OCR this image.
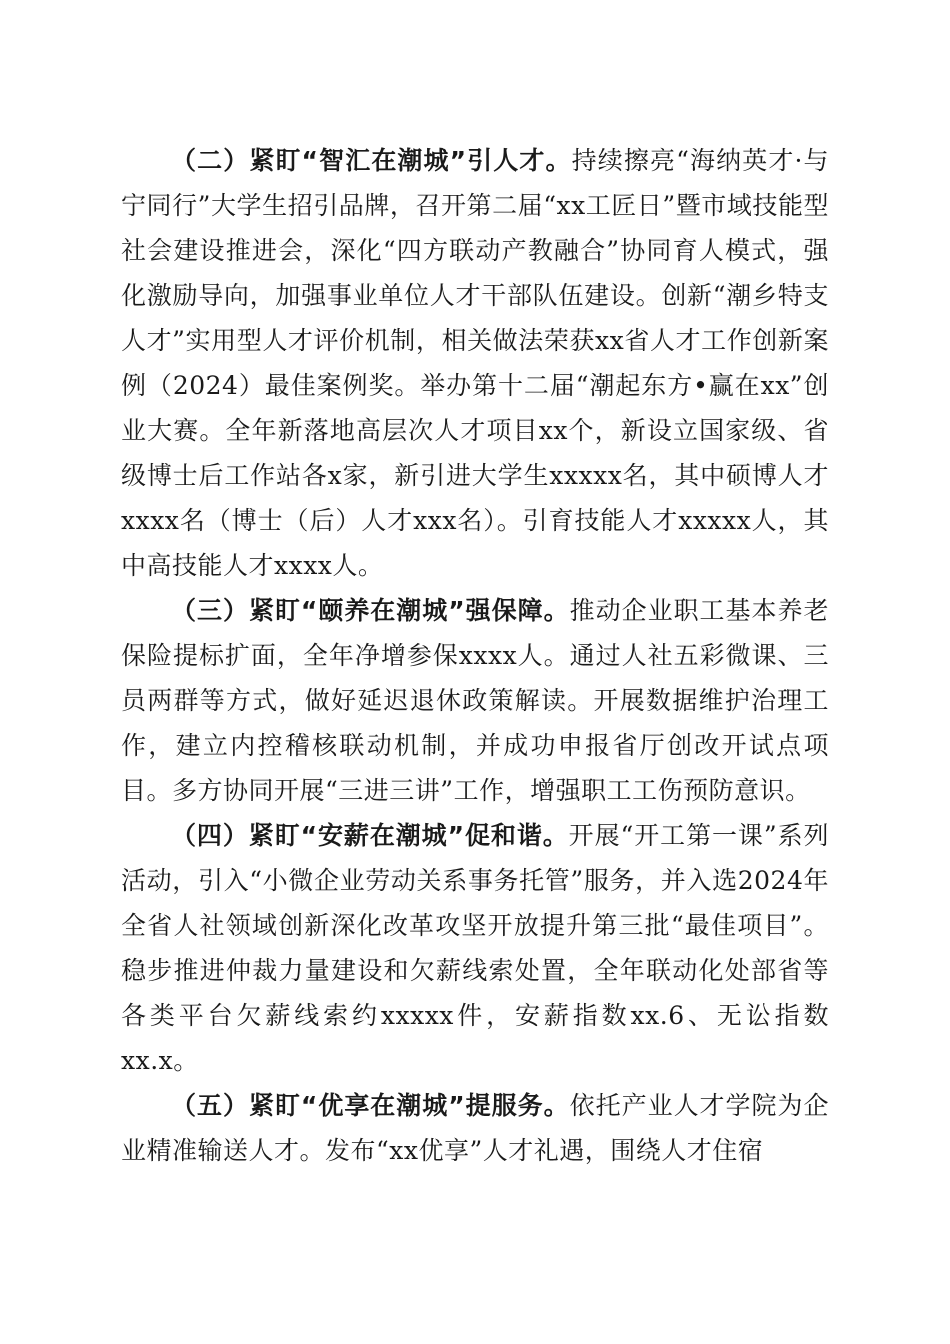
（二）紧盯“智汇在潮城”引人才。持续擦亮“海纳英才·与宁同行”大学生招引品牌，召开第二届“xx工匠日”暨市域技能型社会建设推进会，深化“四方联动产教融合”协同育人模式，强化激励导向，加强事业单位人才干部队伍建设。创新“潮乡特支人才”实用型人才评价机制，相关做法荣获xx省人才工作创新案例（2024）最佳案例奖。举办第十二届“潮起东方•赢在xx”创业大赛。全年新落地高层次人才项目xx个，新设立国家级、省级博士后工作站各x家，新引进大学生xxxxx名，其中硕博人才xxxx名（博士（后）人才xxx名）。引育技能人才xxxxx人，其中高技能人才xxxx人。

（三）紧盯“颐养在潮城”强保障。推动企业职工基本养老保险提标扩面，全年净增参保xxxx人。通过人社五彩微课、三员两群等方式，做好延迟退休政策解读。开展数据维护治理工作，建立内控稽核联动机制，并成功申报省厅创改开试点项目。多方协同开展“三进三讲”工作，增强职工工伤预防意识。

（四）紧盯“安薪在潮城”促和谐。开展“开工第一课”系列活动，引入“小微企业劳动关系事务托管”服务，并入选2024年全省人社领域创新深化改革攻坚开放提升第三批“最佳项目”。稳步推进仲裁力量建设和欠薪线索处置，全年联动化处部省等各类平台欠薪线索约xxxxx件，安薪指数xx.6、无讼指数xx.x。

（五）紧盯“优享在潮城”提服务。依托产业人才学院为企业精准输送人才。发布“xx优享”人才礼遇，围绕人才住宿
